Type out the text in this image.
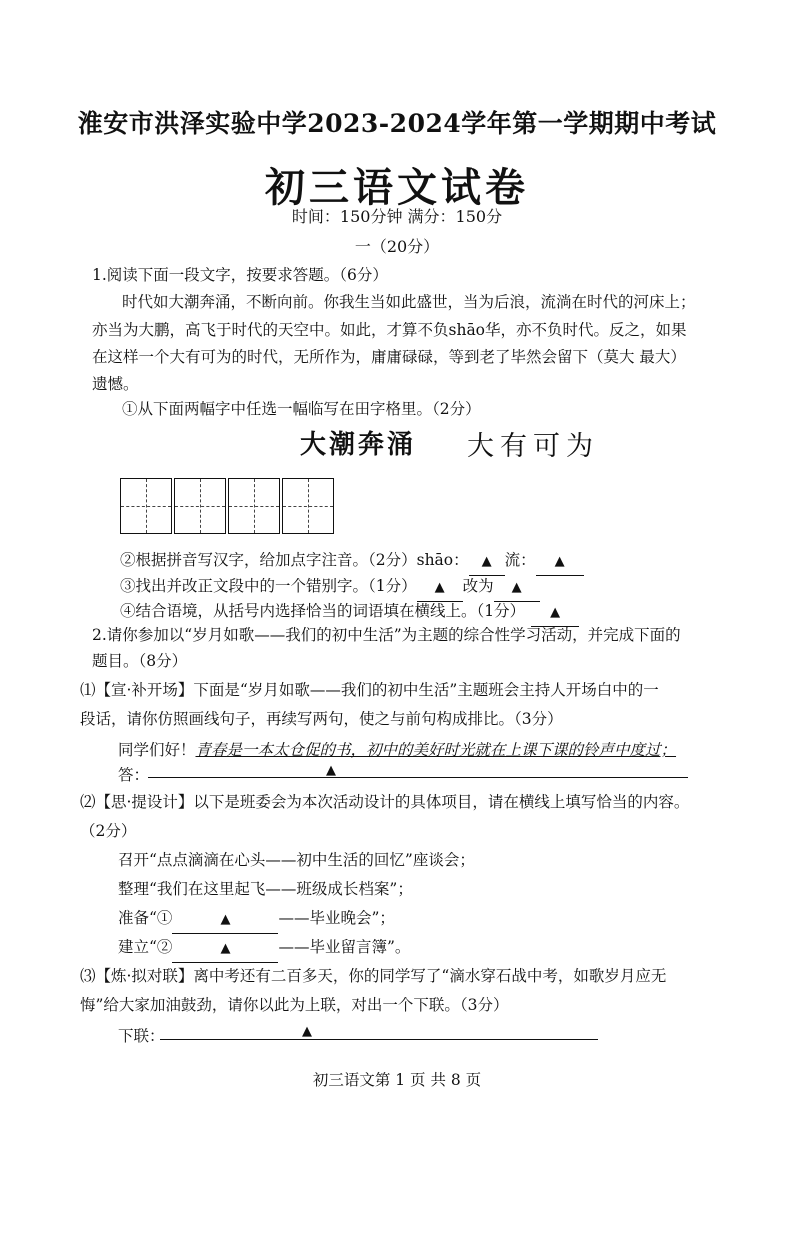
淮安市洪泽实验中学2023-2024学年第一学期期中考试
初三语文试卷
时间：150分钟 满分：150分
一（20分）
1.阅读下面一段文字，按要求答题。（6分）
时代如大潮奔涌，不断向前。你我生当如此盛世，当为后浪，流淌在时代的河床上；
亦当为大鹏，高飞于时代的天空中。如此，才算不负shāo华，亦不负时代。反之，如果
在这样一个大有可为的时代，无所作为，庸庸碌碌，等到老了毕然会留下（莫大 最大）
遗憾。
①从下面两幅字中任选一幅临写在田字格里。（2分）
大潮奔涌 大有可为
②根据拼音写汉字，给加点字注音。（2分）shāo： ▲ 流： ▲
③找出并改正文段中的一个错别字。（1分） ▲ 改为 ▲
④结合语境，从括号内选择恰当的词语填在横线上。（1分） ▲
2.请你参加以“岁月如歌——我们的初中生活”为主题的综合性学习活动，并完成下面的
题目。（8分）
⑴【宣·补开场】下面是“岁月如歌——我们的初中生活”主题班会主持人开场白中的一
段话，请你仿照画线句子，再续写两句，使之与前句构成排比。（3分）
同学们好！青春是一本太仓促的书，初中的美好时光就在上课下课的铃声中度过；
答：	▲
⑵【思·提设计】以下是班委会为本次活动设计的具体项目，请在横线上填写恰当的内容。
（2分）
召开“点点滴滴在心头——初中生活的回忆”座谈会；
整理“我们在这里起飞——班级成长档案”；
准备“①	▲	——毕业晚会”；
建立“②	▲	——毕业留言簿”。
⑶【炼·拟对联】离中考还有二百多天，你的同学写了“滴水穿石战中考，如歌岁月应无
悔”给大家加油鼓劲，请你以此为上联，对出一个下联。（3分）
下联：	▲
初三语文第 1 页 共 8 页
